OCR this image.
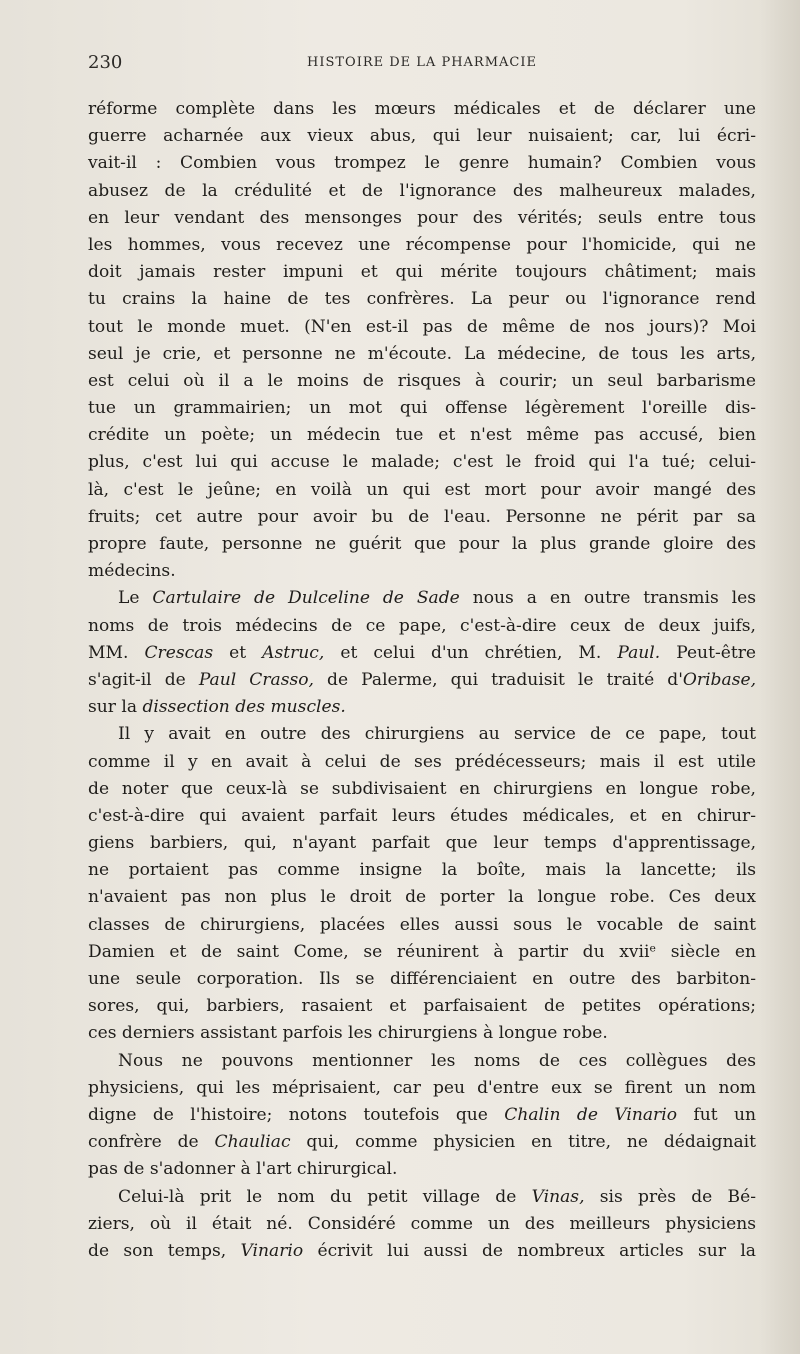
230	HISTOIRE DE LA PHARMACIE
réforme complète dans les mœurs médicales et de déclarer une
guerre acharnée aux vieux abus, qui leur nuisaient; car, lui écri-
vait-il : Combien vous trompez le genre humain? Combien vous
abusez de la crédulité et de l'ignorance des malheureux malades,
en leur vendant des mensonges pour des vérités; seuls entre tous
les hommes, vous recevez une récompense pour l'homicide, qui ne
doit jamais rester impuni et qui mérite toujours châtiment; mais
tu crains la haine de tes confrères. La peur ou l'ignorance rend
tout le monde muet. (N'en est-il pas de même de nos jours)? Moi
seul je crie, et personne ne m'écoute. La médecine, de tous les arts,
est celui où il a le moins de risques à courir; un seul barbarisme
tue un grammairien; un mot qui offense légèrement l'oreille dis-
crédite un poète; un médecin tue et n'est même pas accusé, bien
plus, c'est lui qui accuse le malade; c'est le froid qui l'a tué; celui-
là, c'est le jeûne; en voilà un qui est mort pour avoir mangé des
fruits; cet autre pour avoir bu de l'eau. Personne ne périt par sa
propre faute, personne ne guérit que pour la plus grande gloire des
médecins.
Le Cartulaire de Dulceline de Sade nous a en outre transmis les
noms de trois médecins de ce pape, c'est-à-dire ceux de deux juifs,
MM. Crescas et Astruc, et celui d'un chrétien, M. Paul. Peut-être
s'agit-il de Paul Crasso, de Palerme, qui traduisit le traité d'Oribase,
sur la dissection des muscles.
Il y avait en outre des chirurgiens au service de ce pape, tout
comme il y en avait à celui de ses prédécesseurs; mais il est utile
de noter que ceux-là se subdivisaient en chirurgiens en longue robe,
c'est-à-dire qui avaient parfait leurs études médicales, et en chirur-
giens barbiers, qui, n'ayant parfait que leur temps d'apprentissage,
ne portaient pas comme insigne la boîte, mais la lancette; ils
n'avaient pas non plus le droit de porter la longue robe. Ces deux
classes de chirurgiens, placées elles aussi sous le vocable de saint
Damien et de saint Come, se réunirent à partir du xviiᵉ siècle en
une seule corporation. Ils se différenciaient en outre des barbiton-
sores, qui, barbiers, rasaient et parfaisaient de petites opérations;
ces derniers assistant parfois les chirurgiens à longue robe.
Nous ne pouvons mentionner les noms de ces collègues des
physiciens, qui les méprisaient, car peu d'entre eux se firent un nom
digne de l'histoire; notons toutefois que Chalin de Vinario fut un
confrère de Chauliac qui, comme physicien en titre, ne dédaignait
pas de s'adonner à l'art chirurgical.
Celui-là prit le nom du petit village de Vinas, sis près de Bé-
ziers, où il était né. Considéré comme un des meilleurs physiciens
de son temps, Vinario écrivit lui aussi de nombreux articles sur la
